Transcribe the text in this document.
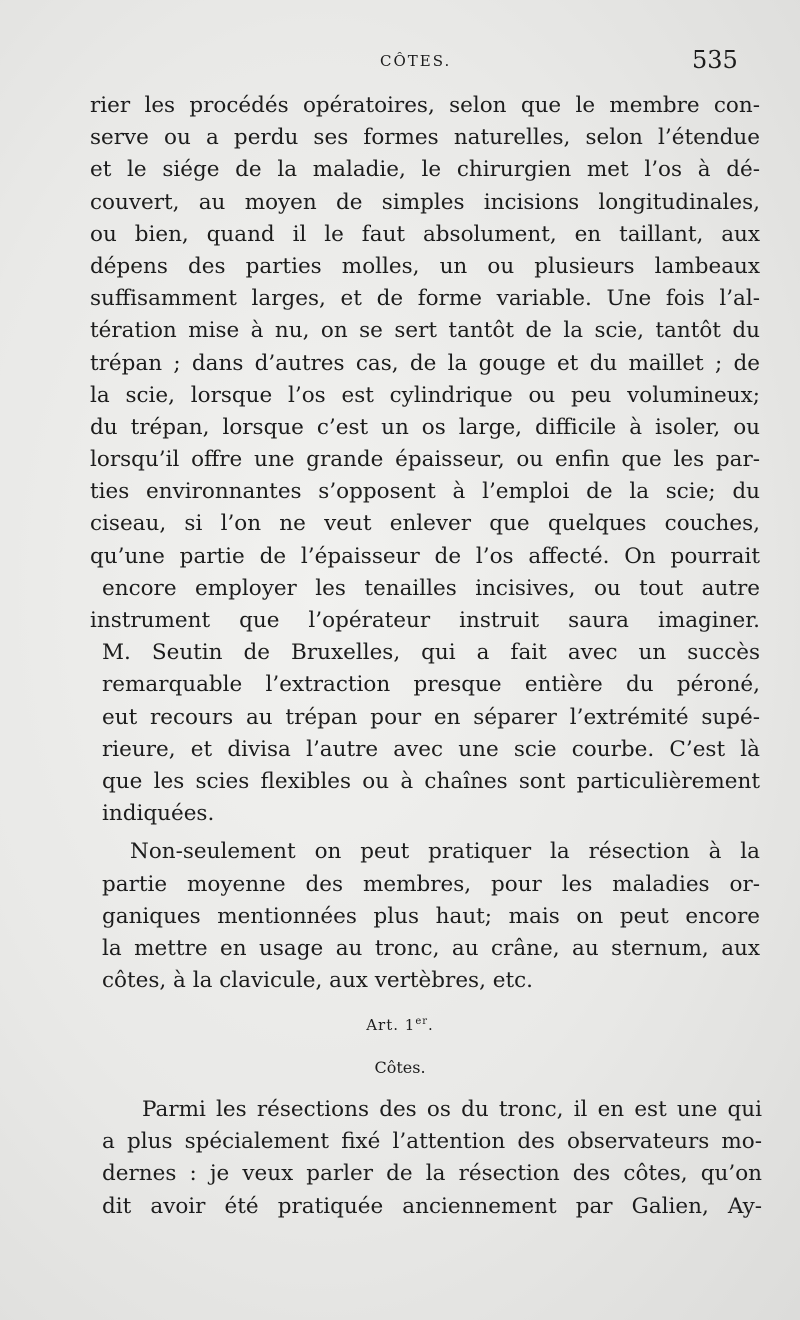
CÔTES.	535
rier les procédés opératoires, selon que le membre con-
serve ou a perdu ses formes naturelles, selon l’étendue
et le siége de la maladie, le chirurgien met l’os à dé-
couvert, au moyen de simples incisions longitudinales,
ou bien, quand il le faut absolument, en taillant, aux
dépens des parties molles, un ou plusieurs lambeaux
suffisamment larges, et de forme variable. Une fois l’al-
tération mise à nu, on se sert tantôt de la scie, tantôt du
trépan ; dans d’autres cas, de la gouge et du maillet ; de
la scie, lorsque l’os est cylindrique ou peu volumineux;
du trépan, lorsque c’est un os large, difficile à isoler, ou
lorsqu’il offre une grande épaisseur, ou enfin que les par-
ties environnantes s’opposent à l’emploi de la scie; du
ciseau, si l’on ne veut enlever que quelques couches,
qu’une partie de l’épaisseur de l’os affecté. On pourrait
encore employer les tenailles incisives, ou tout autre
instrument que l’opérateur instruit saura imaginer.
M. Seutin de Bruxelles, qui a fait avec un succès
remarquable l’extraction presque entière du péroné,
eut recours au trépan pour en séparer l’extrémité supé-
rieure, et divisa l’autre avec une scie courbe. C’est là
que les scies flexibles ou à chaînes sont particulièrement
indiquées.
Non-seulement on peut pratiquer la résection à la
partie moyenne des membres, pour les maladies or-
ganiques mentionnées plus haut; mais on peut encore
la mettre en usage au tronc, au crâne, au sternum, aux
côtes, à la clavicule, aux vertèbres, etc.
Art. 1er.
Côtes.
Parmi les résections des os du tronc, il en est une qui
a plus spécialement fixé l’attention des observateurs mo-
dernes : je veux parler de la résection des côtes, qu’on
dit avoir été pratiquée anciennement par Galien, Ay-
